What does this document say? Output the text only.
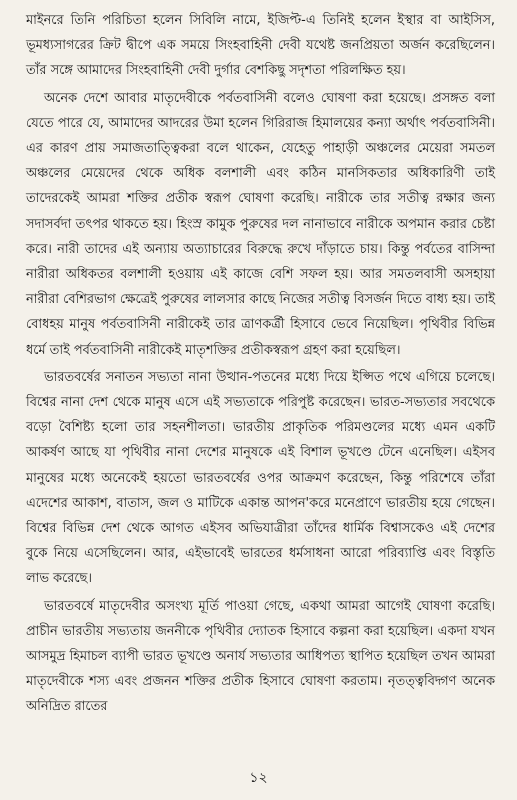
মাইনরে তিনি পরিচিতা হলেন সিবিলি নামে, ইজিপ্ট-এ তিনিই হলেন ইস্থার বা আইসিস, ভূমধ্যসাগরের ক্রিট দ্বীপে এক সময়ে সিংহবাহিনী দেবী যথেষ্ট জনপ্রিয়তা অর্জন করেছিলেন। তাঁর সঙ্গে আমাদের সিংহবাহিনী দেবী দুর্গার বেশকিছু সদৃশতা পরিলক্ষিত হয়।

অনেক দেশে আবার মাতৃদেবীকে পর্বতবাসিনী বলেও ঘোষণা করা হয়েছে। প্রসঙ্গত বলা যেতে পারে যে, আমাদের আদরের উমা হলেন গিরিরাজ হিমালয়ের কন্যা অর্থাৎ পর্বতবাসিনী। এর কারণ প্রায় সমাজতাত্ত্বিকরা বলে থাকেন, যেহেতু পাহাড়ী অঞ্চলের মেয়েরা সমতল অঞ্চলের মেয়েদের থেকে অধিক বলশালী এবং কঠিন মানসিকতার অধিকারিণী তাই তাদেরকেই আমরা শক্তির প্রতীক স্বরূপ ঘোষণা করেছি। নারীকে তার সতীত্ব রক্ষার জন্য সদাসর্বদা তৎপর থাকতে হয়। হিংস্র কামুক পুরুষের দল নানাভাবে নারীকে অপমান করার চেষ্টা করে। নারী তাদের এই অন্যায় অত্যাচারের বিরুদ্ধে রুখে দাঁড়াতে চায়। কিন্তু পর্বতের বাসিন্দা নারীরা অধিকতর বলশালী হওয়ায় এই কাজে বেশি সফল হয়। আর সমতলবাসী অসহায়া নারীরা বেশিরভাগ ক্ষেত্রেই পুরুষের লালসার কাছে নিজের সতীত্ব বিসর্জন দিতে বাধ্য হয়। তাই বোধহয় মানুষ পর্বতবাসিনী নারীকেই তার ত্রাণকর্ত্রী হিসাবে ভেবে নিয়েছিল। পৃথিবীর বিভিন্ন ধর্মে তাই পর্বতবাসিনী নারীকেই মাতৃশক্তির প্রতীকস্বরূপ গ্রহণ করা হয়েছিল।

ভারতবর্ষের সনাতন সভ্যতা নানা উত্থান-পতনের মধ্যে দিয়ে ইপ্সিত পথে এগিয়ে চলেছে। বিশ্বের নানা দেশ থেকে মানুষ এসে এই সভ্যতাকে পরিপুষ্ট করেছেন। ভারত-সভ্যতার সবথেকে বড়ো বৈশিষ্ট্য হলো তার সহনশীলতা। ভারতীয় প্রাকৃতিক পরিমণ্ডলের মধ্যে এমন একটি আকর্ষণ আছে যা পৃথিবীর নানা দেশের মানুষকে এই বিশাল ভূখণ্ডে টেনে এনেছিল। এইসব মানুষের মধ্যে অনেকেই হয়তো ভারতবর্ষের ওপর আক্রমণ করেছেন, কিন্তু পরিশেষে তাঁরা এদেশের আকাশ, বাতাস, জল ও মাটিকে একান্ত আপন'করে মনেপ্রাণে ভারতীয় হয়ে গেছেন। বিশ্বের বিভিন্ন দেশ থেকে আগত এইসব অভিযাত্রীরা তাঁদের ধার্মিক বিশ্বাসকেও এই দেশের বুকে নিয়ে এসেছিলেন। আর, এইভাবেই ভারতের ধর্মসাধনা আরো পরিব্যাপ্তি এবং বিস্তৃতি লাভ করেছে।

ভারতবর্ষে মাতৃদেবীর অসংখ্য মূর্তি পাওয়া গেছে, একথা আমরা আগেই ঘোষণা করেছি। প্রাচীন ভারতীয় সভ্যতায় জননীকে পৃথিবীর দ্যোতক হিসাবে কল্পনা করা হয়েছিল। একদা যখন আসমুদ্র হিমাচল ব্যাপী ভারত ভূখণ্ডে অনার্য সভ্যতার আধিপত্য স্থাপিত হয়েছিল তখন আমরা মাতৃদেবীকে শস্য এবং প্রজনন শক্তির প্রতীক হিসাবে ঘোষণা করতাম। নৃতত্ত্ববিদ্গণ অনেক অনিদ্রিত রাতের

১২
